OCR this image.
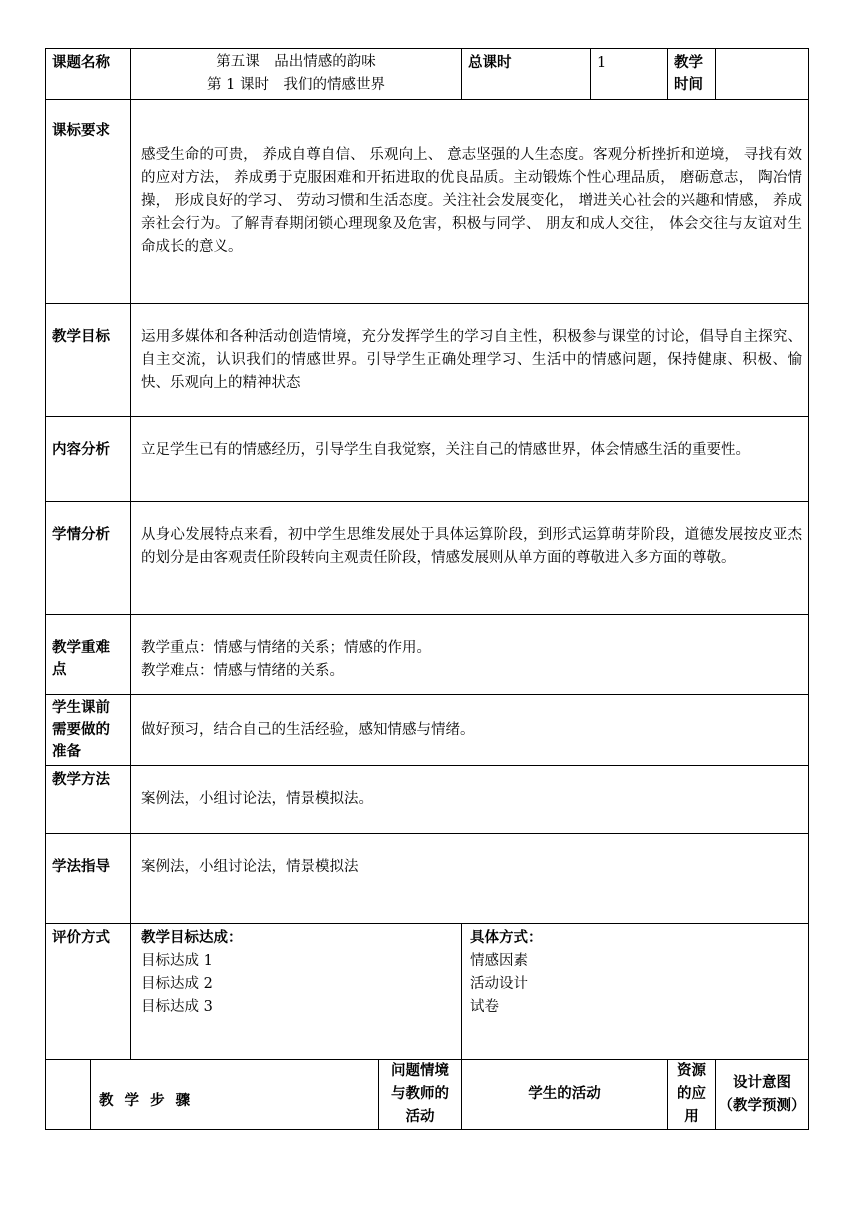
课题名称		第五课　品出情感的韵味
第 1 课时　我们的情感世界		总课时	1	教学时间	
课标要求		感受生命的可贵， 养成自尊自信、 乐观向上、 意志坚强的人生态度。客观分析挫折和逆境， 寻找有效的应对方法， 养成勇于克服困难和开拓进取的优良品质。主动锻炼个性心理品质， 磨砺意志， 陶冶情操， 形成良好的学习、 劳动习惯和生活态度。关注社会发展变化， 增进关心社会的兴趣和情感， 养成亲社会行为。了解青春期闭锁心理现象及危害，积极与同学、 朋友和成人交往， 体会交往与友谊对生命成长的意义。					
教学目标		运用多媒体和各种活动创造情境，充分发挥学生的学习自主性，积极参与课堂的讨论，倡导自主探究、自主交流，认识我们的情感世界。引导学生正确处理学习、生活中的情感问题，保持健康、积极、愉快、乐观向上的精神状态					
内容分析		立足学生已有的情感经历，引导学生自我觉察，关注自己的情感世界，体会情感生活的重要性。					
学情分析		从身心发展特点来看，初中学生思维发展处于具体运算阶段，到形式运算萌芽阶段，道德发展按皮亚杰的划分是由客观责任阶段转向主观责任阶段，情感发展则从单方面的尊敬进入多方面的尊敬。					
教学重难点		教学重点：情感与情绪的关系；情感的作用。
教学难点：情感与情绪的关系。					

学生课前需要做的准备		做好预习，结合自己的生活经验，感知情感与情绪。					
教学方法		案例法，小组讨论法，情景模拟法。					
学法指导		案例法，小组讨论法，情景模拟法					
评价方式		教学目标达成：
目标达成 1
目标达成 2
目标达成 3		具体方式：
情感因素
活动设计
试卷			

	教 学 步 骤		问题情境与教师的活动	学生的活动		资源的应用	设计意图
（教学预测）
